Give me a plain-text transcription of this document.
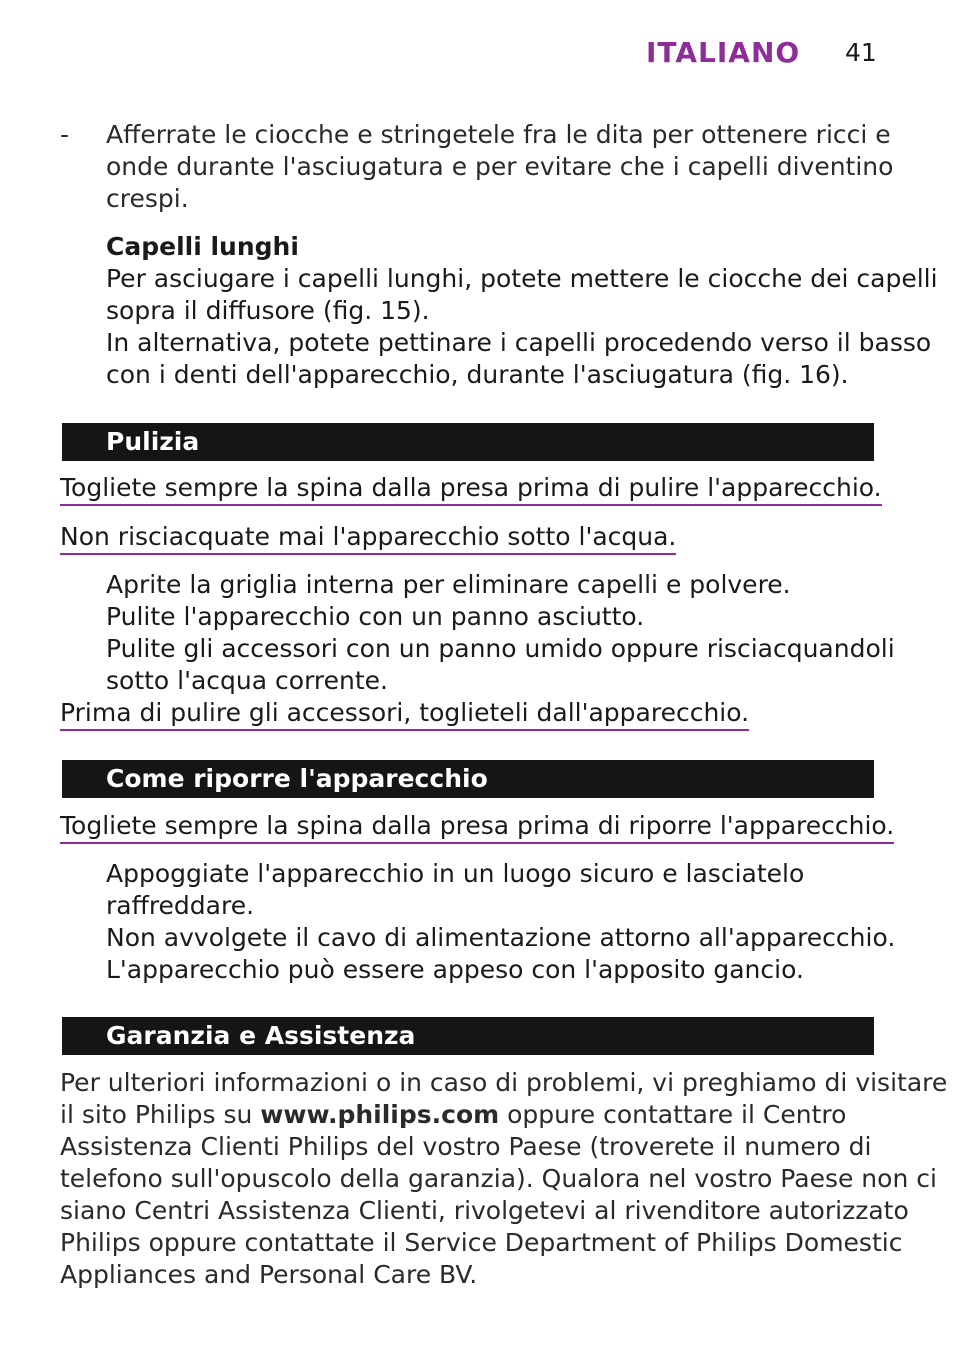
ITALIANO 41
- Afferrate le ciocche e stringetele fra le dita per ottenere ricci e
onde durante l'asciugatura e per evitare che i capelli diventino
crespi.
Capelli lunghi
Per asciugare i capelli lunghi, potete mettere le ciocche dei capelli
sopra il diffusore (fig. 15).
In alternativa, potete pettinare i capelli procedendo verso il basso
con i denti dell'apparecchio, durante l'asciugatura (fig. 16).
Pulizia
Togliete sempre la spina dalla presa prima di pulire l'apparecchio.
Non risciacquate mai l'apparecchio sotto l'acqua.
Aprite la griglia interna per eliminare capelli e polvere.
Pulite l'apparecchio con un panno asciutto.
Pulite gli accessori con un panno umido oppure risciacquandoli
sotto l'acqua corrente.
Prima di pulire gli accessori, toglieteli dall'apparecchio.
Come riporre l'apparecchio
Togliete sempre la spina dalla presa prima di riporre l'apparecchio.
Appoggiate l'apparecchio in un luogo sicuro e lasciatelo
raffreddare.
Non avvolgete il cavo di alimentazione attorno all'apparecchio.
L'apparecchio può essere appeso con l'apposito gancio.
Garanzia e Assistenza
Per ulteriori informazioni o in caso di problemi, vi preghiamo di visitare
il sito Philips su www.philips.com oppure contattare il Centro
Assistenza Clienti Philips del vostro Paese (troverete il numero di
telefono sull'opuscolo della garanzia). Qualora nel vostro Paese non ci
siano Centri Assistenza Clienti, rivolgetevi al rivenditore autorizzato
Philips oppure contattate il Service Department of Philips Domestic
Appliances and Personal Care BV.
